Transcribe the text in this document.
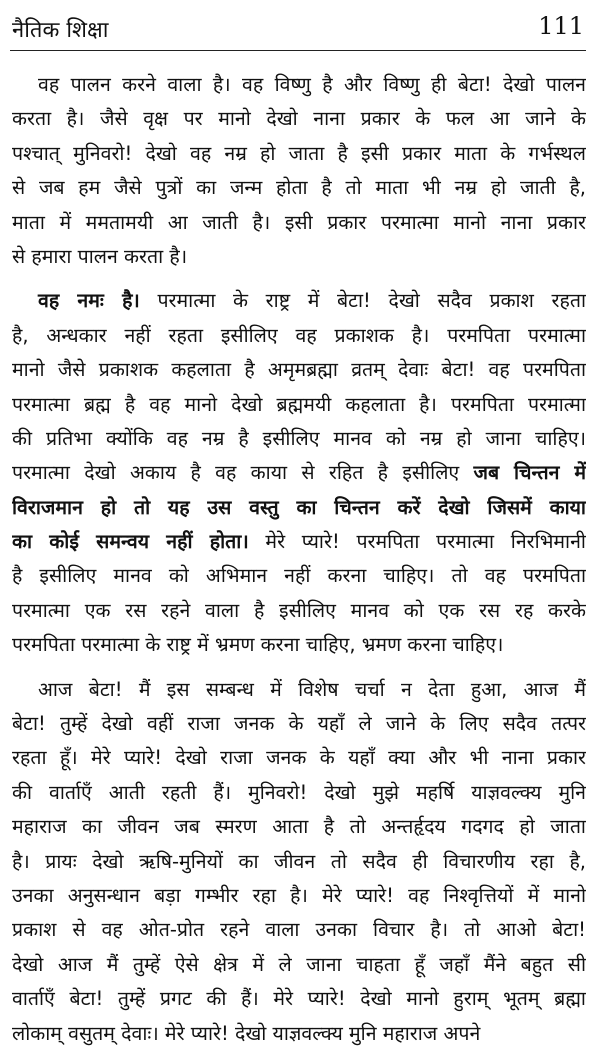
नैतिक शिक्षा	111
वह पालन करने वाला है। वह विष्णु है और विष्णु ही बेटा! देखो पालन
करता है। जैसे वृक्ष पर मानो देखो नाना प्रकार के फल आ जाने के
पश्चात् मुनिवरो! देखो वह नम्र हो जाता है इसी प्रकार माता के गर्भस्थल
से जब हम जैसे पुत्रों का जन्म होता है तो माता भी नम्र हो जाती है,
माता में ममतामयी आ जाती है। इसी प्रकार परमात्मा मानो नाना प्रकार
से हमारा पालन करता है।
वह नमः है। परमात्मा के राष्ट्र में बेटा! देखो सदैव प्रकाश रहता
है, अन्धकार नहीं रहता इसीलिए वह प्रकाशक है। परमपिता परमात्मा
मानो जैसे प्रकाशक कहलाता है अमृमब्रह्मा व्रतम् देवाः बेटा! वह परमपिता
परमात्मा ब्रह्म है वह मानो देखो ब्रह्ममयी कहलाता है। परमपिता परमात्मा
की प्रतिभा क्योंकि वह नम्र है इसीलिए मानव को नम्र हो जाना चाहिए।
परमात्मा देखो अकाय है वह काया से रहित है इसीलिए जब चिन्तन में
विराजमान हो तो यह उस वस्तु का चिन्तन करें देखो जिसमें काया
का कोई समन्वय नहीं होता। मेरे प्यारे! परमपिता परमात्मा निरभिमानी
है इसीलिए मानव को अभिमान नहीं करना चाहिए। तो वह परमपिता
परमात्मा एक रस रहने वाला है इसीलिए मानव को एक रस रह करके
परमपिता परमात्मा के राष्ट्र में भ्रमण करना चाहिए, भ्रमण करना चाहिए।
आज बेटा! मैं इस सम्बन्ध में विशेष चर्चा न देता हुआ, आज मैं
बेटा! तुम्हें देखो वहीं राजा जनक के यहाँ ले जाने के लिए सदैव तत्पर
रहता हूँ। मेरे प्यारे! देखो राजा जनक के यहाँ क्या और भी नाना प्रकार
की वार्ताएँ आती रहती हैं। मुनिवरो! देखो मुझे महर्षि याज्ञवल्क्य मुनि
महाराज का जीवन जब स्मरण आता है तो अन्तर्हृदय गदगद हो जाता
है। प्रायः देखो ऋषि-मुनियों का जीवन तो सदैव ही विचारणीय रहा है,
उनका अनुसन्धान बड़ा गम्भीर रहा है। मेरे प्यारे! वह निश्वृत्तियों में मानो
प्रकाश से वह ओत-प्रोत रहने वाला उनका विचार है। तो आओ बेटा!
देखो आज मैं तुम्हें ऐसे क्षेत्र में ले जाना चाहता हूँ जहाँ मैंने बहुत सी
वार्ताएँ बेटा! तुम्हें प्रगट की हैं। मेरे प्यारे! देखो मानो हुराम् भूतम् ब्रह्मा
लोकाम् वसुतम् देवाः। मेरे प्यारे! देखो याज्ञवल्क्य मुनि महाराज अपने
